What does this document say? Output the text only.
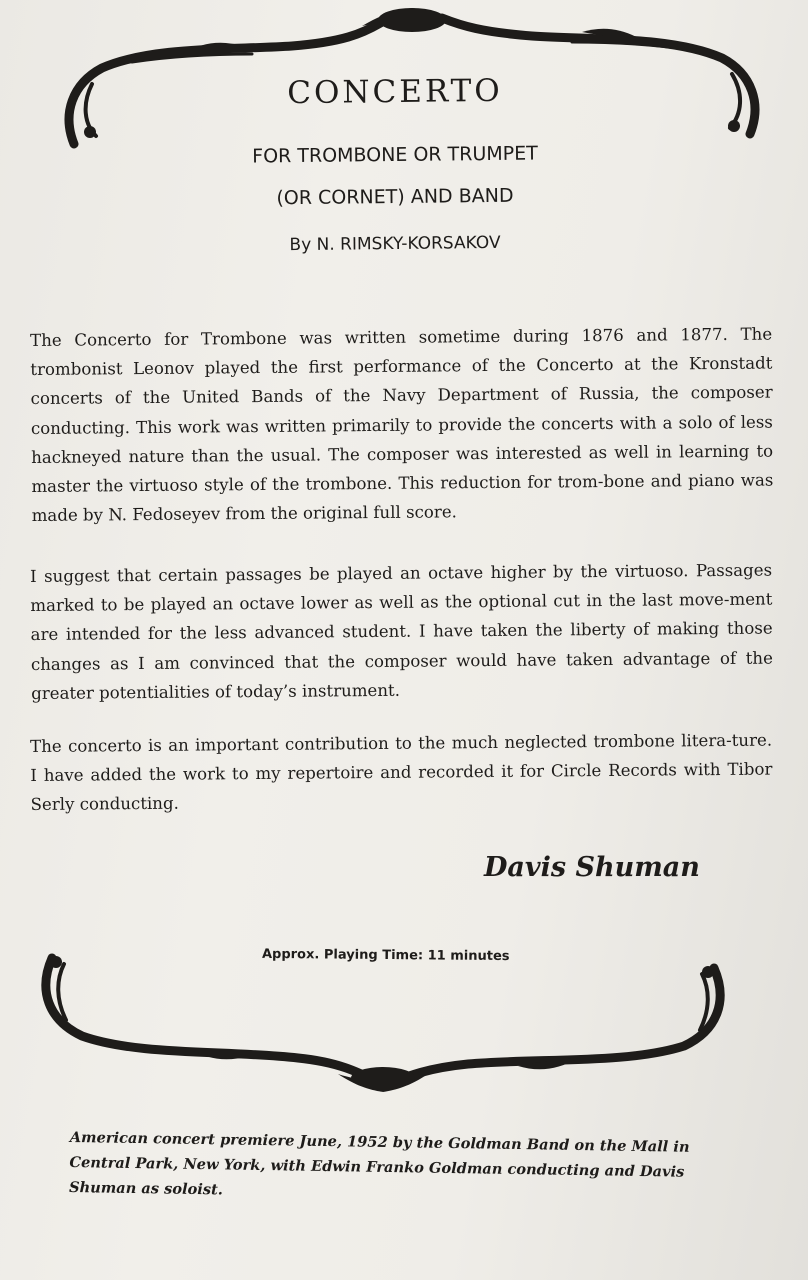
CONCERTO

FOR TROMBONE OR TRUMPET

(OR CORNET) AND BAND

By N. RIMSKY-KORSAKOV

The Concerto for Trombone was written sometime during 1876 and 1877. The trombonist Leonov played the first performance of the Concerto at the Kronstadt concerts of the United Bands of the Navy Department of Russia, the composer conducting. This work was written primarily to provide the concerts with a solo of less hackneyed nature than the usual. The composer was interested as well in learning to master the virtuoso style of the trombone. This reduction for trom-bone and piano was made by N. Fedoseyev from the original full score.

I suggest that certain passages be played an octave higher by the virtuoso. Passages marked to be played an octave lower as well as the optional cut in the last move-ment are intended for the less advanced student. I have taken the liberty of making those changes as I am convinced that the composer would have taken advantage of the greater potentialities of today’s instrument.

The concerto is an important contribution to the much neglected trombone litera-ture. I have added the work to my repertoire and recorded it for Circle Records with Tibor Serly conducting.

Davis Shuman

Approx. Playing Time: 11 minutes

American concert premiere June, 1952 by the Goldman Band on the Mall in Central Park, New York, with Edwin Franko Goldman conducting and Davis Shuman as soloist.
